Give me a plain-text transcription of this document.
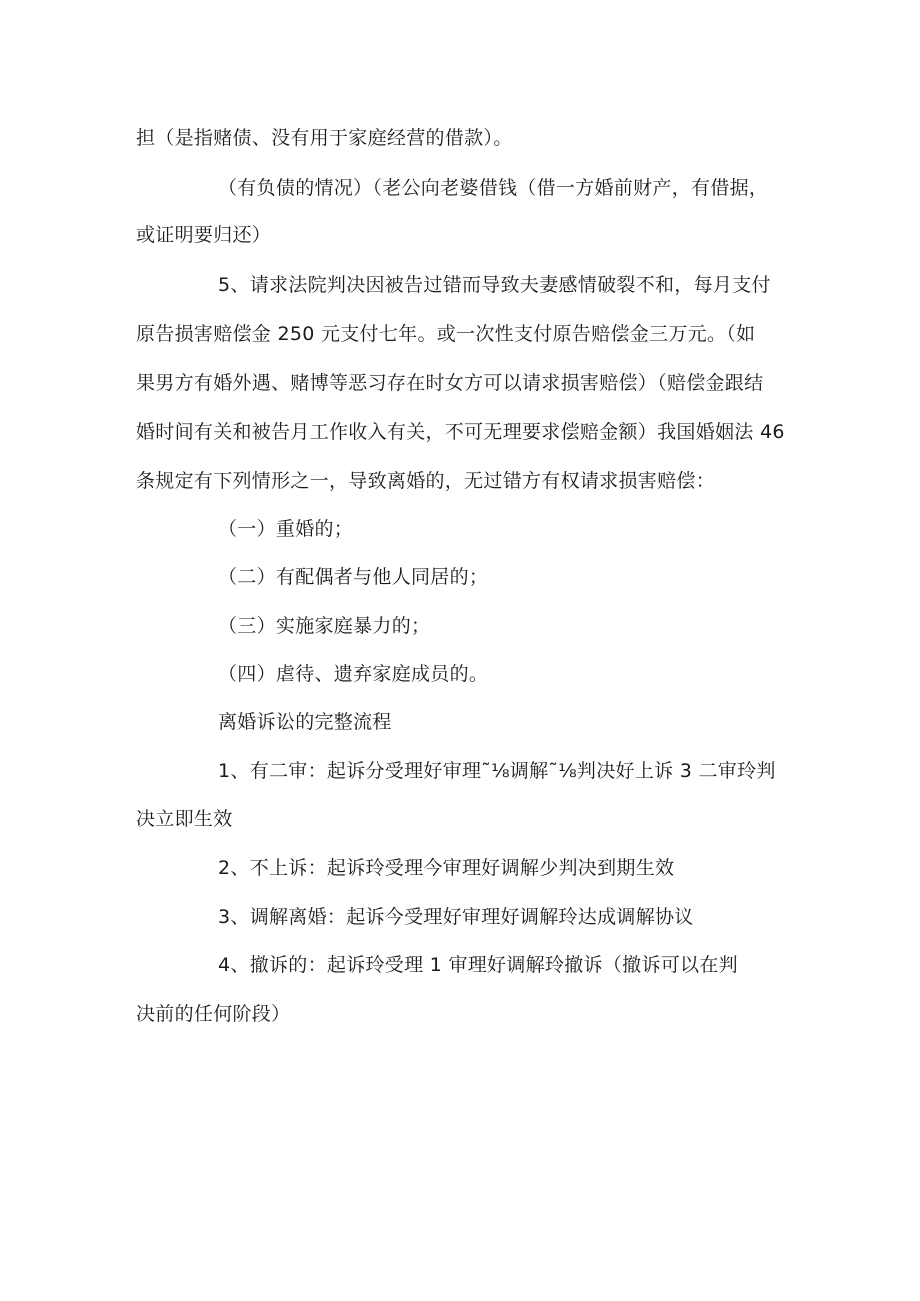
担（是指赌债、没有用于家庭经营的借款）。
（有负债的情况）（老公向老婆借钱（借一方婚前财产，有借据，
或证明要归还）
5、请求法院判决因被告过错而导致夫妻感情破裂不和，每月支付
原告损害赔偿金 250 元支付七年。或一次性支付原告赔偿金三万元。（如
果男方有婚外遇、赌博等恶习存在时女方可以请求损害赔偿）（赔偿金跟结
婚时间有关和被告月工作收入有关，不可无理要求偿赔金额）我国婚姻法 46
条规定有下列情形之一，导致离婚的，无过错方有权请求损害赔偿：
（一）重婚的；
（二）有配偶者与他人同居的；
（三）实施家庭暴力的；
（四）虐待、遗弃家庭成员的。
离婚诉讼的完整流程
1、有二审：起诉分受理好审理˜⅛调解˜⅛判决好上诉 3 二审玲判
决立即生效
2、不上诉：起诉玲受理今审理好调解少判决到期生效
3、调解离婚：起诉今受理好审理好调解玲达成调解协议
4、撤诉的：起诉玲受理 1 审理好调解玲撤诉（撤诉可以在判
决前的任何阶段）
